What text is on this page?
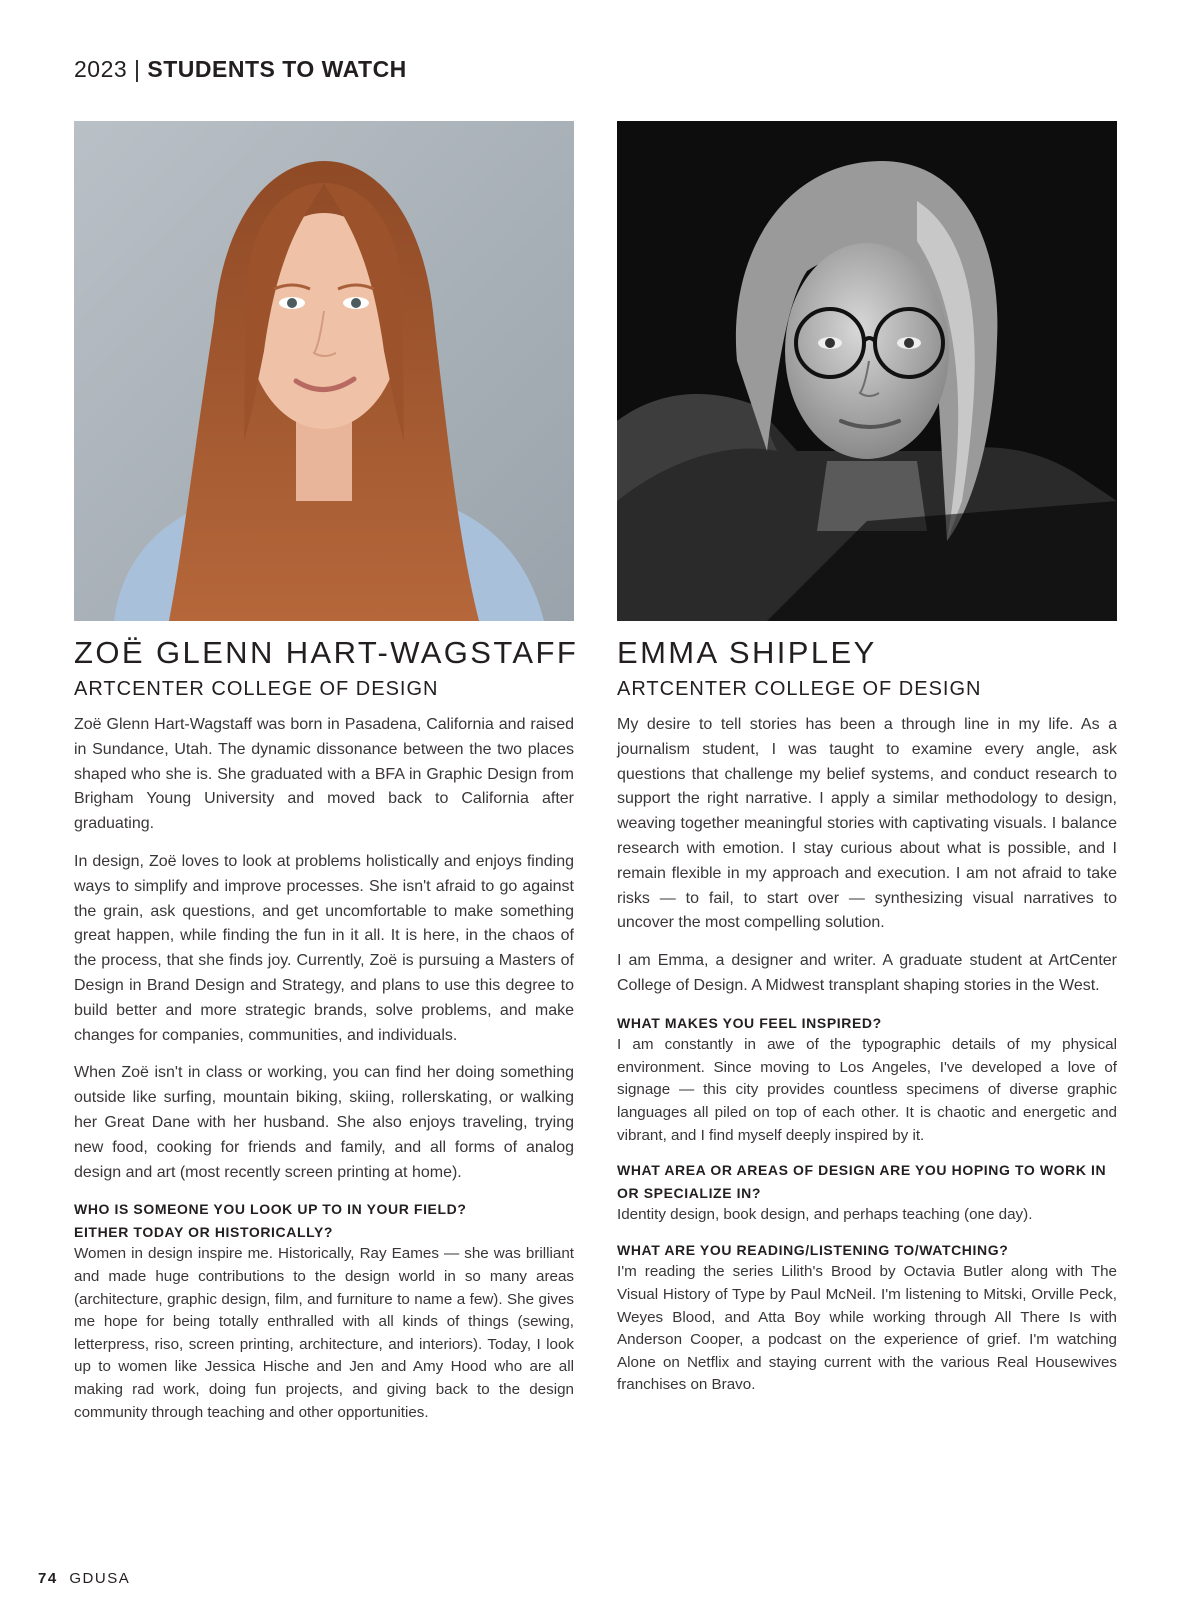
2023 | STUDENTS TO WATCH
ZOË GLENN HART-WAGSTAFF
ARTCENTER COLLEGE OF DESIGN

Zoë Glenn Hart-Wagstaff was born in Pasadena, California and raised in Sundance, Utah. The dynamic dissonance between the two places shaped who she is. She graduated with a BFA in Graphic Design from Brigham Young University and moved back to California after graduating.

In design, Zoë loves to look at problems holistically and enjoys finding ways to simplify and improve processes. She isn't afraid to go against the grain, ask questions, and get uncomfortable to make something great happen, while finding the fun in it all. It is here, in the chaos of the process, that she finds joy. Currently, Zoë is pursuing a Masters of Design in Brand Design and Strategy, and plans to use this degree to build better and more strategic brands, solve problems, and make changes for companies, communities, and individuals.

When Zoë isn't in class or working, you can find her doing something outside like surfing, mountain biking, skiing, rollerskating, or walking her Great Dane with her husband. She also enjoys traveling, trying new food, cooking for friends and family, and all forms of analog design and art (most recently screen printing at home).

WHO IS SOMEONE YOU LOOK UP TO IN YOUR FIELD?
EITHER TODAY OR HISTORICALLY?

Women in design inspire me. Historically, Ray Eames — she was brilliant and made huge contributions to the design world in so many areas (architecture, graphic design, film, and furniture to name a few). She gives me hope for being totally enthralled with all kinds of things (sewing, letterpress, riso, screen printing, architecture, and interiors). Today, I look up to women like Jessica Hische and Jen and Amy Hood who are all making rad work, doing fun projects, and giving back to the design community through teaching and other opportunities.

EMMA SHIPLEY
ARTCENTER COLLEGE OF DESIGN

My desire to tell stories has been a through line in my life. As a journalism student, I was taught to examine every angle, ask questions that challenge my belief systems, and conduct research to support the right narrative. I apply a similar methodology to design, weaving together meaningful stories with captivating visuals. I balance research with emotion. I stay curious about what is possible, and I remain flexible in my approach and execution. I am not afraid to take risks — to fail, to start over — synthesizing visual narratives to uncover the most compelling solution.

I am Emma, a designer and writer. A graduate student at ArtCenter College of Design. A Midwest transplant shaping stories in the West.

WHAT MAKES YOU FEEL INSPIRED?

I am constantly in awe of the typographic details of my physical environment. Since moving to Los Angeles, I've developed a love of signage — this city provides countless specimens of diverse graphic languages all piled on top of each other. It is chaotic and energetic and vibrant, and I find myself deeply inspired by it.

WHAT AREA OR AREAS OF DESIGN ARE YOU HOPING TO WORK IN
OR SPECIALIZE IN?

Identity design, book design, and perhaps teaching (one day).

WHAT ARE YOU READING/LISTENING TO/WATCHING?

I'm reading the series Lilith's Brood by Octavia Butler along with The Visual History of Type by Paul McNeil. I'm listening to Mitski, Orville Peck, Weyes Blood, and Atta Boy while working through All There Is with Anderson Cooper, a podcast on the experience of grief. I'm watching Alone on Netflix and staying current with the various Real Housewives franchises on Bravo.

74 GDUSA
